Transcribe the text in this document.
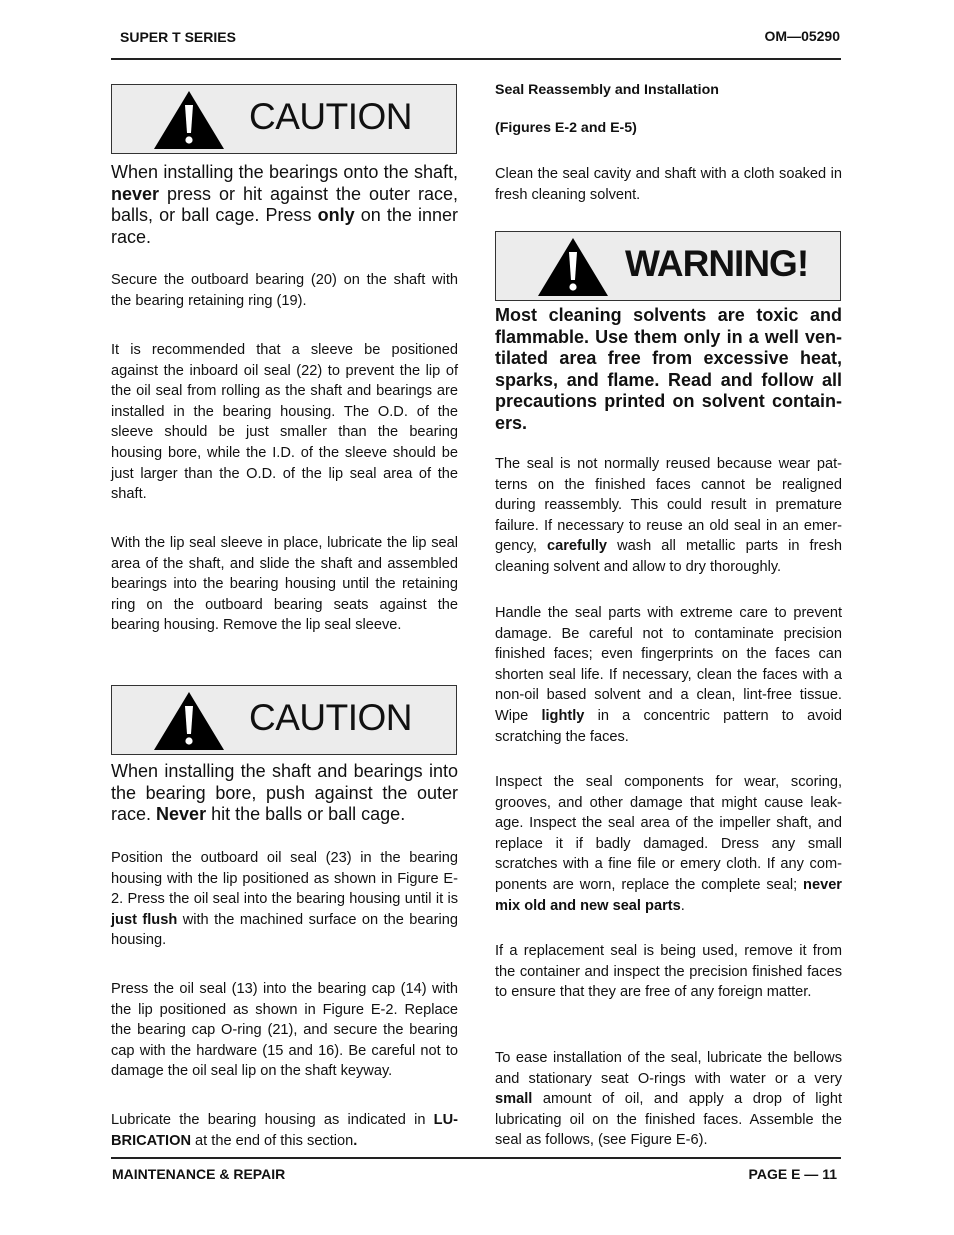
SUPER T SERIES	OM—05290
CAUTION
When installing the bearings onto the shaft, never press or hit against the outer race, balls, or ball cage. Press only on the inner race.

Secure the outboard bearing (20) on the shaft with the bearing retaining ring (19).

It is recommended that a sleeve be positioned against the inboard oil seal (22) to prevent the lip of the oil seal from rolling as the shaft and bearings are installed in the bearing housing. The O.D. of the sleeve should be just smaller than the bearing housing bore, while the I.D. of the sleeve should be just larger than the O.D. of the lip seal area of the shaft.

With the lip seal sleeve in place, lubricate the lip seal area of the shaft, and slide the shaft and assembled bearings into the bearing housing until the retaining ring on the outboard bearing seats against the bearing housing. Remove the lip seal sleeve.

CAUTION
When installing the shaft and bearings into the bearing bore, push against the outer race. Never hit the balls or ball cage.

Position the outboard oil seal (23) in the bearing housing with the lip positioned as shown in Figure E-2. Press the oil seal into the bearing housing until it is just flush with the machined surface on the bearing housing.

Press the oil seal (13) into the bearing cap (14) with the lip positioned as shown in Figure E-2. Replace the bearing cap O-ring (21), and secure the bearing cap with the hardware (15 and 16). Be careful not to damage the oil seal lip on the shaft keyway.

Lubricate the bearing housing as indicated in LUBRICATION at the end of this section.

Seal Reassembly and Installation
(Figures E-2 and E-5)

Clean the seal cavity and shaft with a cloth soaked in fresh cleaning solvent.

WARNING!
Most cleaning solvents are toxic and flammable. Use them only in a well ventilated area free from excessive heat, sparks, and flame. Read and follow all precautions printed on solvent containers.

The seal is not normally reused because wear patterns on the finished faces cannot be realigned during reassembly. This could result in premature failure. If necessary to reuse an old seal in an emergency, carefully wash all metallic parts in fresh cleaning solvent and allow to dry thoroughly.

Handle the seal parts with extreme care to prevent damage. Be careful not to contaminate precision finished faces; even fingerprints on the faces can shorten seal life. If necessary, clean the faces with a non-oil based solvent and a clean, lint-free tissue. Wipe lightly in a concentric pattern to avoid scratching the faces.

Inspect the seal components for wear, scoring, grooves, and other damage that might cause leakage. Inspect the seal area of the impeller shaft, and replace it if badly damaged. Dress any small scratches with a fine file or emery cloth. If any components are worn, replace the complete seal; never mix old and new seal parts.

If a replacement seal is being used, remove it from the container and inspect the precision finished faces to ensure that they are free of any foreign matter.

To ease installation of the seal, lubricate the bellows and stationary seat O-rings with water or a very small amount of oil, and apply a drop of light lubricating oil on the finished faces. Assemble the seal as follows, (see Figure E-6).

MAINTENANCE & REPAIR	PAGE E — 11
